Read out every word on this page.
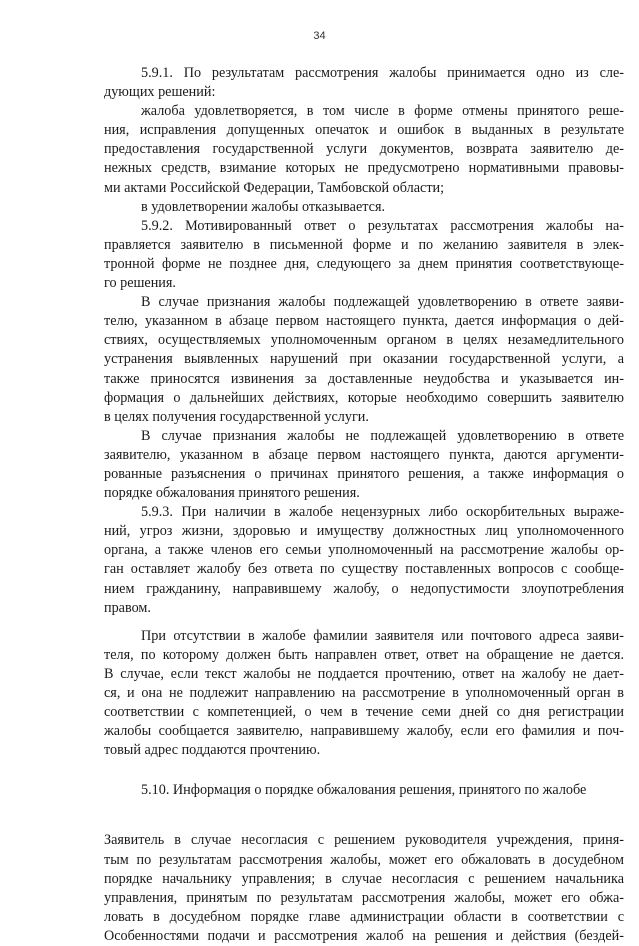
34
5.9.1. По результатам рассмотрения жалобы принимается одно из сле-
дующих решений:
жалоба удовлетворяется, в том числе в форме отмены принятого реше-
ния, исправления допущенных опечаток и ошибок в выданных в результате
предоставления государственной услуги документов, возврата заявителю де-
нежных средств, взимание которых не предусмотрено нормативными правовы-
ми актами Российской Федерации, Тамбовской области;
в удовлетворении жалобы отказывается.
5.9.2. Мотивированный ответ о результатах рассмотрения жалобы на-
правляется заявителю в письменной форме и по желанию заявителя в элек-
тронной форме не позднее дня, следующего за днем принятия соответствующе-
го решения.
В случае признания жалобы подлежащей удовлетворению в ответе заяви-
телю, указанном в абзаце первом настоящего пункта, дается информация о дей-
ствиях, осуществляемых уполномоченным органом в целях незамедлительного
устранения выявленных нарушений при оказании государственной услуги, а
также приносятся извинения за доставленные неудобства и указывается ин-
формация о дальнейших действиях, которые необходимо совершить заявителю
в целях получения государственной услуги.
В случае признания жалобы не подлежащей удовлетворению в ответе
заявителю, указанном в абзаце первом настоящего пункта, даются аргументи-
рованные разъяснения о причинах принятого решения, а также информация о
порядке обжалования принятого решения.
5.9.3. При наличии в жалобе нецензурных либо оскорбительных выраже-
ний, угроз жизни, здоровью и имуществу должностных лиц уполномоченного
органа, а также членов его семьи уполномоченный на рассмотрение жалобы ор-
ган оставляет жалобу без ответа по существу поставленных вопросов с сообще-
нием гражданину, направившему жалобу, о недопустимости злоупотребления
правом.
При отсутствии в жалобе фамилии заявителя или почтового адреса заяви-
теля, по которому должен быть направлен ответ, ответ на обращение не дается.
В случае, если текст жалобы не поддается прочтению, ответ на жалобу не дает-
ся, и она не подлежит направлению на рассмотрение в уполномоченный орган в
соответствии с компетенцией, о чем в течение семи дней со дня регистрации
жалобы сообщается заявителю, направившему жалобу, если его фамилия и поч-
товый адрес поддаются прочтению.
5.10. Информация о порядке обжалования решения, принятого по жалобе
Заявитель в случае несогласия с решением руководителя учреждения, приня-
тым по результатам рассмотрения жалобы, может его обжаловать в досудебном
порядке начальнику управления; в случае несогласия с решением начальника
управления, принятым по результатам рассмотрения жалобы, может его обжа-
ловать в досудебном порядке главе администрации области в соответствии с
Особенностями подачи и рассмотрения жалоб на решения и действия (бездей-
